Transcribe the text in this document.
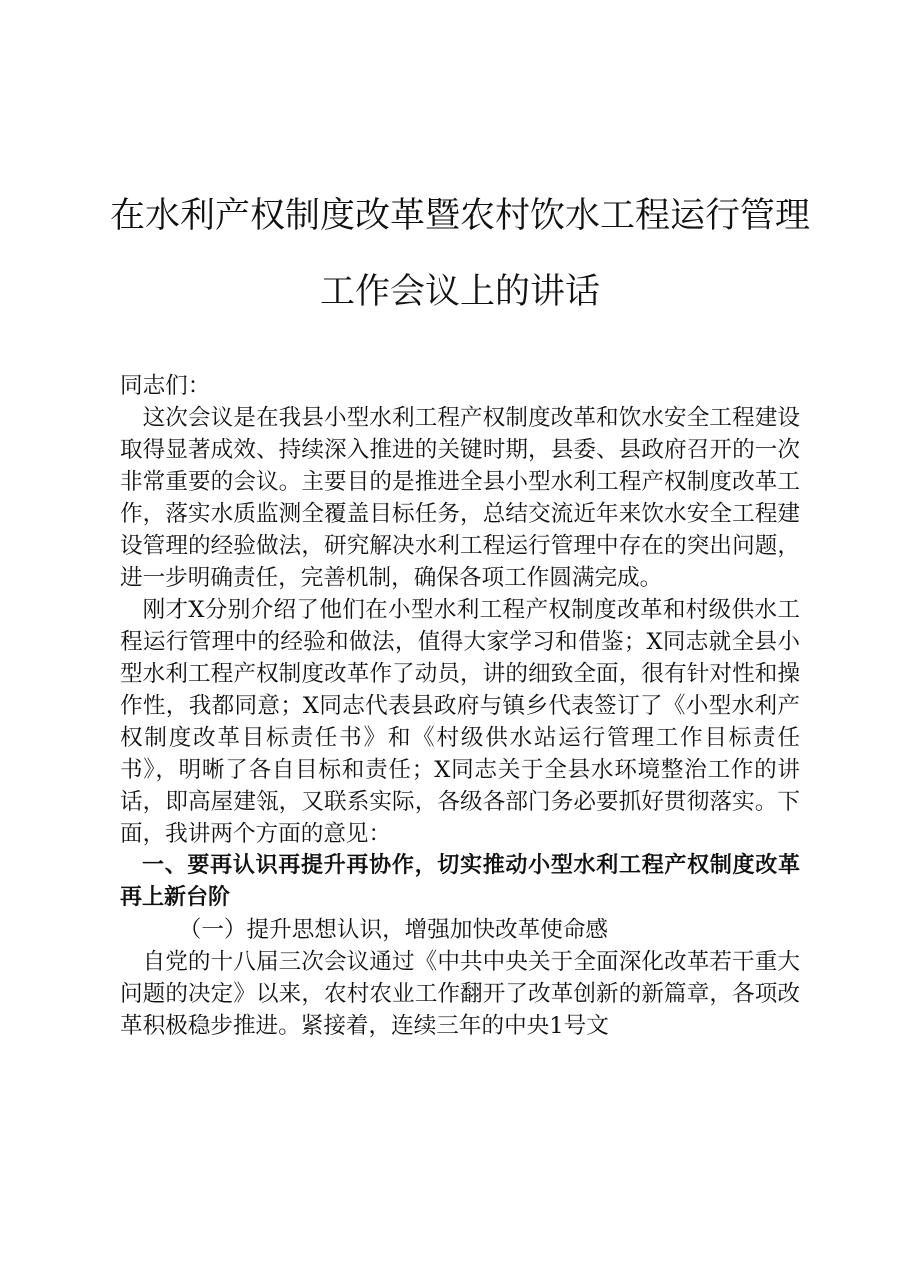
在水利产权制度改革暨农村饮水工程运行管理
工作会议上的讲话

同志们：

这次会议是在我县小型水利工程产权制度改革和饮水安全工程建设取得显著成效、持续深入推进的关键时期，县委、县政府召开的一次非常重要的会议。主要目的是推进全县小型水利工程产权制度改革工作，落实水质监测全覆盖目标任务，总结交流近年来饮水安全工程建设管理的经验做法，研究解决水利工程运行管理中存在的突出问题，进一步明确责任，完善机制，确保各项工作圆满完成。

刚才X分别介绍了他们在小型水利工程产权制度改革和村级供水工程运行管理中的经验和做法，值得大家学习和借鉴；X同志就全县小型水利工程产权制度改革作了动员，讲的细致全面，很有针对性和操作性，我都同意；X同志代表县政府与镇乡代表签订了《小型水利产权制度改革目标责任书》和《村级供水站运行管理工作目标责任书》，明晰了各自目标和责任；X同志关于全县水环境整治工作的讲话，即高屋建瓴，又联系实际，各级各部门务必要抓好贯彻落实。下面，我讲两个方面的意见：

一、要再认识再提升再协作，切实推动小型水利工程产权制度改革再上新台阶

（一）提升思想认识，增强加快改革使命感

自党的十八届三次会议通过《中共中央关于全面深化改革若干重大问题的决定》以来，农村农业工作翻开了改革创新的新篇章，各项改革积极稳步推进。紧接着，连续三年的中央1号文
